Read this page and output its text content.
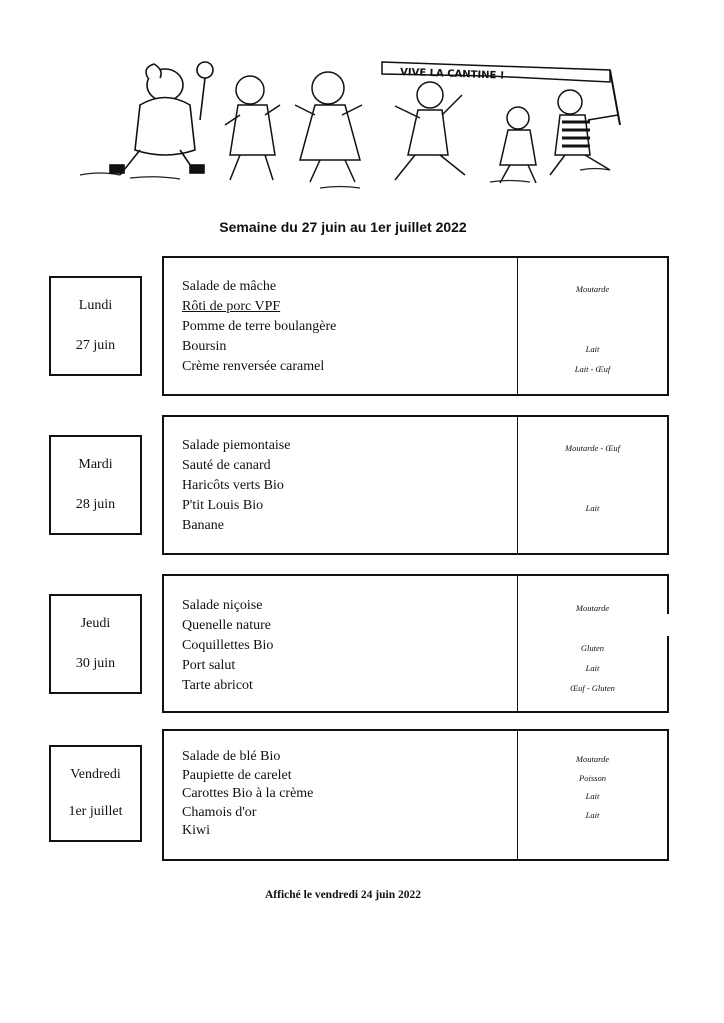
VIVE LA CANTINE !
Semaine du 27 juin au 1er juillet 2022
Lundi
27 juin
Salade de mâche
Rôti de porc VPF
Pomme de terre boulangère
Boursin
Crème renversée caramel
Moutarde
Lait
Lait - Œuf
Mardi
28 juin
Salade piemontaise
Sauté de canard
Haricôts verts Bio
P'tit Louis Bio
Banane
Moutarde - Œuf
Lait
Jeudi
30 juin
Salade niçoise
Quenelle nature
Coquillettes Bio
Port salut
Tarte abricot
Moutarde
Gluten
Lait
Œuf - Gluten
Vendredi
1er juillet
Salade de blé Bio
Paupiette de carelet
Carottes Bio à la crème
Chamois d'or
Kiwi
Moutarde
Poisson
Lait
Lait
Affiché le vendredi 24 juin 2022
